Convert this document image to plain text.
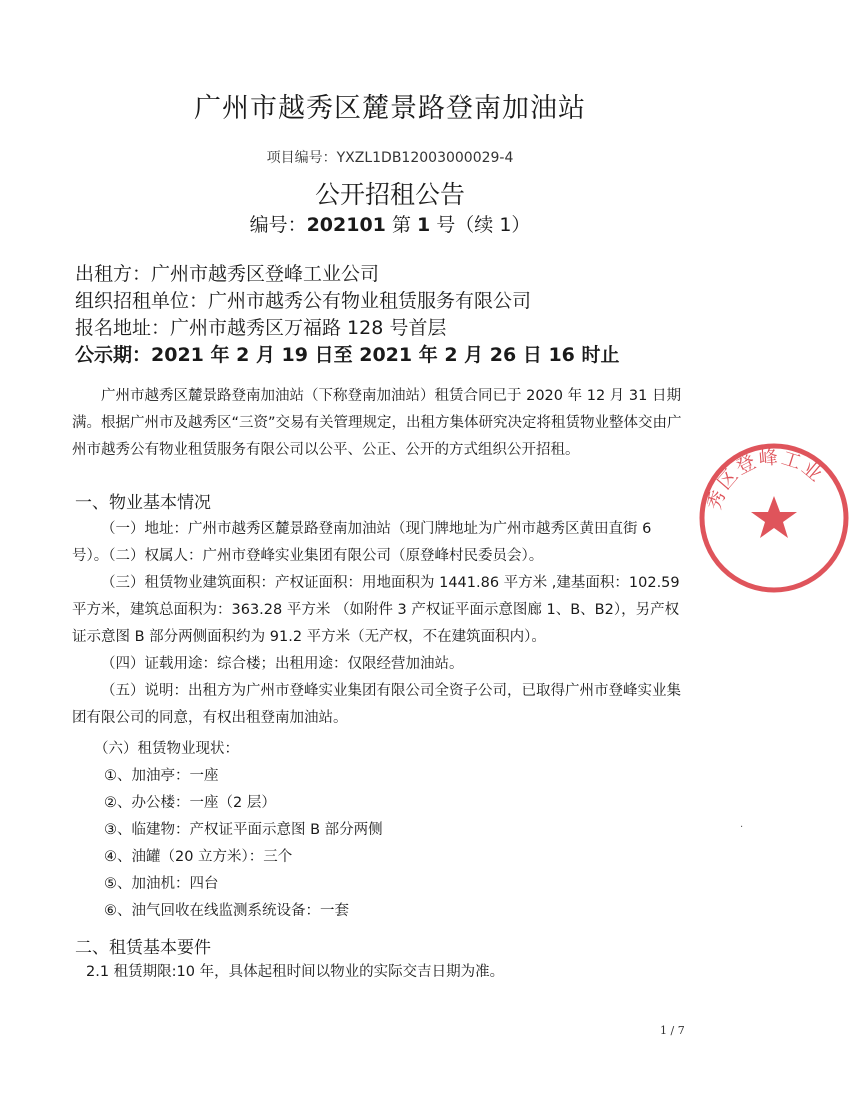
广州市越秀区麓景路登南加油站
项目编号：YXZL1DB12003000029-4
公开招租公告
编号：202101 第 1 号（续 1）
出租方：广州市越秀区登峰工业公司
组织招租单位：广州市越秀公有物业租赁服务有限公司
报名地址：广州市越秀区万福路 128 号首层
公示期：2021 年 2 月 19 日至 2021 年 2 月 26 日 16 时止
广州市越秀区麓景路登南加油站（下称登南加油站）租赁合同已于 2020 年 12 月 31 日期满。根据广州市及越秀区“三资”交易有关管理规定，出租方集体研究决定将租赁物业整体交由广州市越秀公有物业租赁服务有限公司以公平、公正、公开的方式组织公开招租。
一、物业基本情况
（一）地址：广州市越秀区麓景路登南加油站（现门牌地址为广州市越秀区黄田直街 6 号）。
（二）权属人：广州市登峰实业集团有限公司（原登峰村民委员会）。
（三）租赁物业建筑面积：产权证面积：用地面积为 1441.86 平方米 ,建基面积：102.59 平方米，建筑总面积为：363.28 平方米 （如附件 3 产权证平面示意图廊 1、B、B2），另产权证示意图 B 部分两侧面积约为 91.2 平方米（无产权，不在建筑面积内）。
（四）证载用途：综合楼；出租用途：仅限经营加油站。
（五）说明：出租方为广州市登峰实业集团有限公司全资子公司，已取得广州市登峰实业集团有限公司的同意，有权出租登南加油站。
（六）租赁物业现状：
①、加油亭：一座
②、办公楼：一座（2 层）
③、临建物：产权证平面示意图 B 部分两侧
④、油罐（20 立方米）：三个
⑤、加油机：四台
⑥、油气回收在线监测系统设备：一套
二、租赁基本要件
2.1 租赁期限:10 年，具体起租时间以物业的实际交吉日期为准。
1 / 7
·
秀区登峰工业
